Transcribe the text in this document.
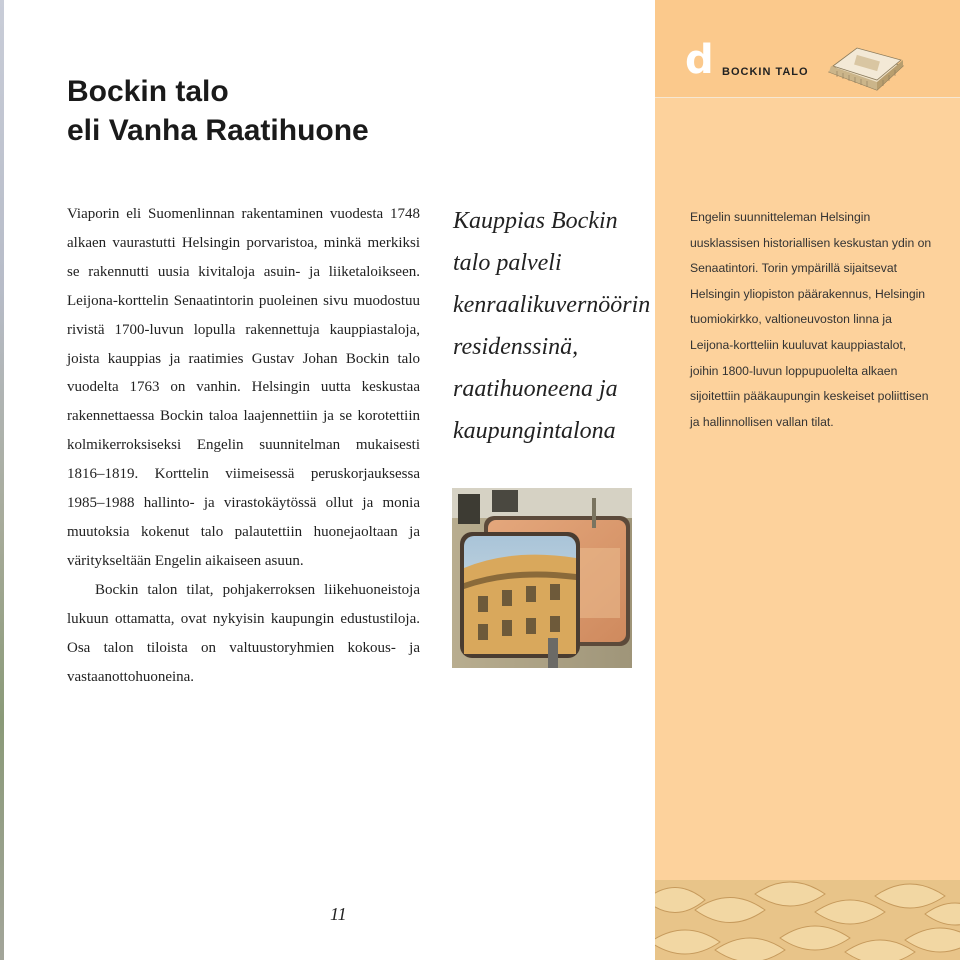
Bockin talo
eli Vanha Raatihuone

Viaporin eli Suomenlinnan rakentaminen vuodesta 1748 alkaen vaurastutti Helsingin porvaristoa, minkä merkiksi se rakennutti uusia kivitaloja asuin- ja liiketaloikseen. Leijona-korttelin Senaatintorin puoleinen sivu muodostuu rivistä 1700-luvun lopulla rakennettuja kauppiastaloja, joista kauppias ja raatimies Gustav Johan Bockin talo vuodelta 1763 on vanhin. Helsingin uutta keskustaa rakennettaessa Bockin taloa laajennettiin ja se korotettiin kolmikerroksiseksi Engelin suunnitelman mukaisesti 1816–1819. Korttelin viimeisessä peruskorjauksessa 1985–1988 hallinto- ja virastokäytössä ollut ja monia muutoksia kokenut talo palautettiin huonejaoltaan ja väritykseltään Engelin aikaiseen asuun.

Bockin talon tilat, pohjakerroksen liikehuoneistoja lukuun ottamatta, ovat nykyisin kaupungin edustustiloja. Osa talon tiloista on valtuustoryhmien kokous- ja vastaanottohuoneina.

Kauppias Bockin talo palveli kenraalikuvernöörin residenssinä, raatihuoneena ja kaupungintalona
11
d BOCKIN TALO
Engelin suunnitteleman Helsingin uusklassisen historiallisen keskustan ydin on Senaatintori. Torin ympärillä sijaitsevat Helsingin yliopiston päärakennus, Helsingin tuomiokirkko, valtioneuvoston linna ja Leijona-kortteliin kuuluvat kauppiastalot, joihin 1800-luvun loppupuolelta alkaen sijoitettiin pääkaupungin keskeiset poliittisen ja hallinnollisen vallan tilat.
